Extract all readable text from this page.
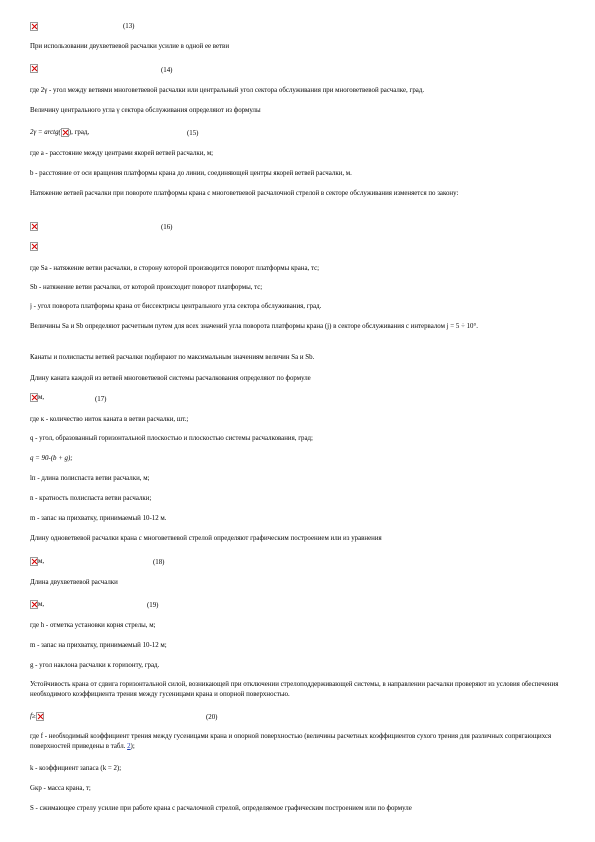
(13)
При использовании двухветвевой расчалки усилие в одной ее ветви
(14)
где 2γ - угол между ветвями многоветвевой расчалки или центральный угол сектора обслуживания при многоветвевой расчалке, град.
Величину центрального угла γ сектора обслуживания определяют из формулы
2γ = arctg( ), град,	(15)
где а - расстояние между центрами якорей ветвей расчалки, м;
b - расстояние от оси вращения платформы крана до линии, соединяющей центры якорей ветвей расчалки, м.
Натяжение ветвей расчалки при повороте платформы крана с многоветвевой расчалочной стрелой в секторе обслуживания изменяется по закону:
(16)
где Sa - натяжение ветви расчалки, в сторону которой производится поворот платформы крана, тс;
Sb - натяжение ветви расчалки, от которой происходит поворот платформы, тс;
j - угол поворота платформы крана от биссектрисы центрального угла сектора обслуживания, град.
Величины Sa и Sb определяют расчетным путем для всех значений угла поворота платформы крана (j) в секторе обслуживания с интервалом j = 5 ÷ 10°.
Канаты и полиспасты ветвей расчалки подбирают по максимальным значениям величин Sa и Sb.
Длину каната каждой из ветвей многоветвевой системы расчалкования определяют по формуле
м,	(17)
где к - количество ниток каната в ветви расчалки, шт.;
q - угол, образованный горизонтальной плоскостью и плоскостью системы расчалкования, град;
q = 90-(b + g);
lп - длина полиспаста ветви расчалки, м;
n - кратность полиспаста ветви расчалки;
m - запас на прихватку, принимаемый 10-12 м.
Длину одноветвевой расчалки крана с многоветвевой стрелой определяют графическим построением или из уравнения
м,	(18)
Длина двухветвевой расчалки
м,	(19)
где h - отметка установки корня стрелы, м;
m - запас на прихватку, принимаемый 10-12 м;
g - угол наклона расчалки к горизонту, град.
Устойчивость крана от сдвига горизонтальной силой, возникающей при отключении стрелоподдерживающей системы, в направлении расчалки проверяют из условия обеспечения необходимого коэффициента трения между гусеницами крана и опорной поверхностью.
f≥	(20)
где f - необходимый коэффициент трения между гусеницами крана и опорной поверхностью (величины расчетных коэффициентов сухого трения для различных сопрягающихся поверхностей приведены в табл. 2);
k - коэффициент запаса (k = 2);
Gкр - масса крана, т;
S - сжимающее стрелу усилие при работе крана с расчалочной стрелой, определяемое графическим построением или по формуле
